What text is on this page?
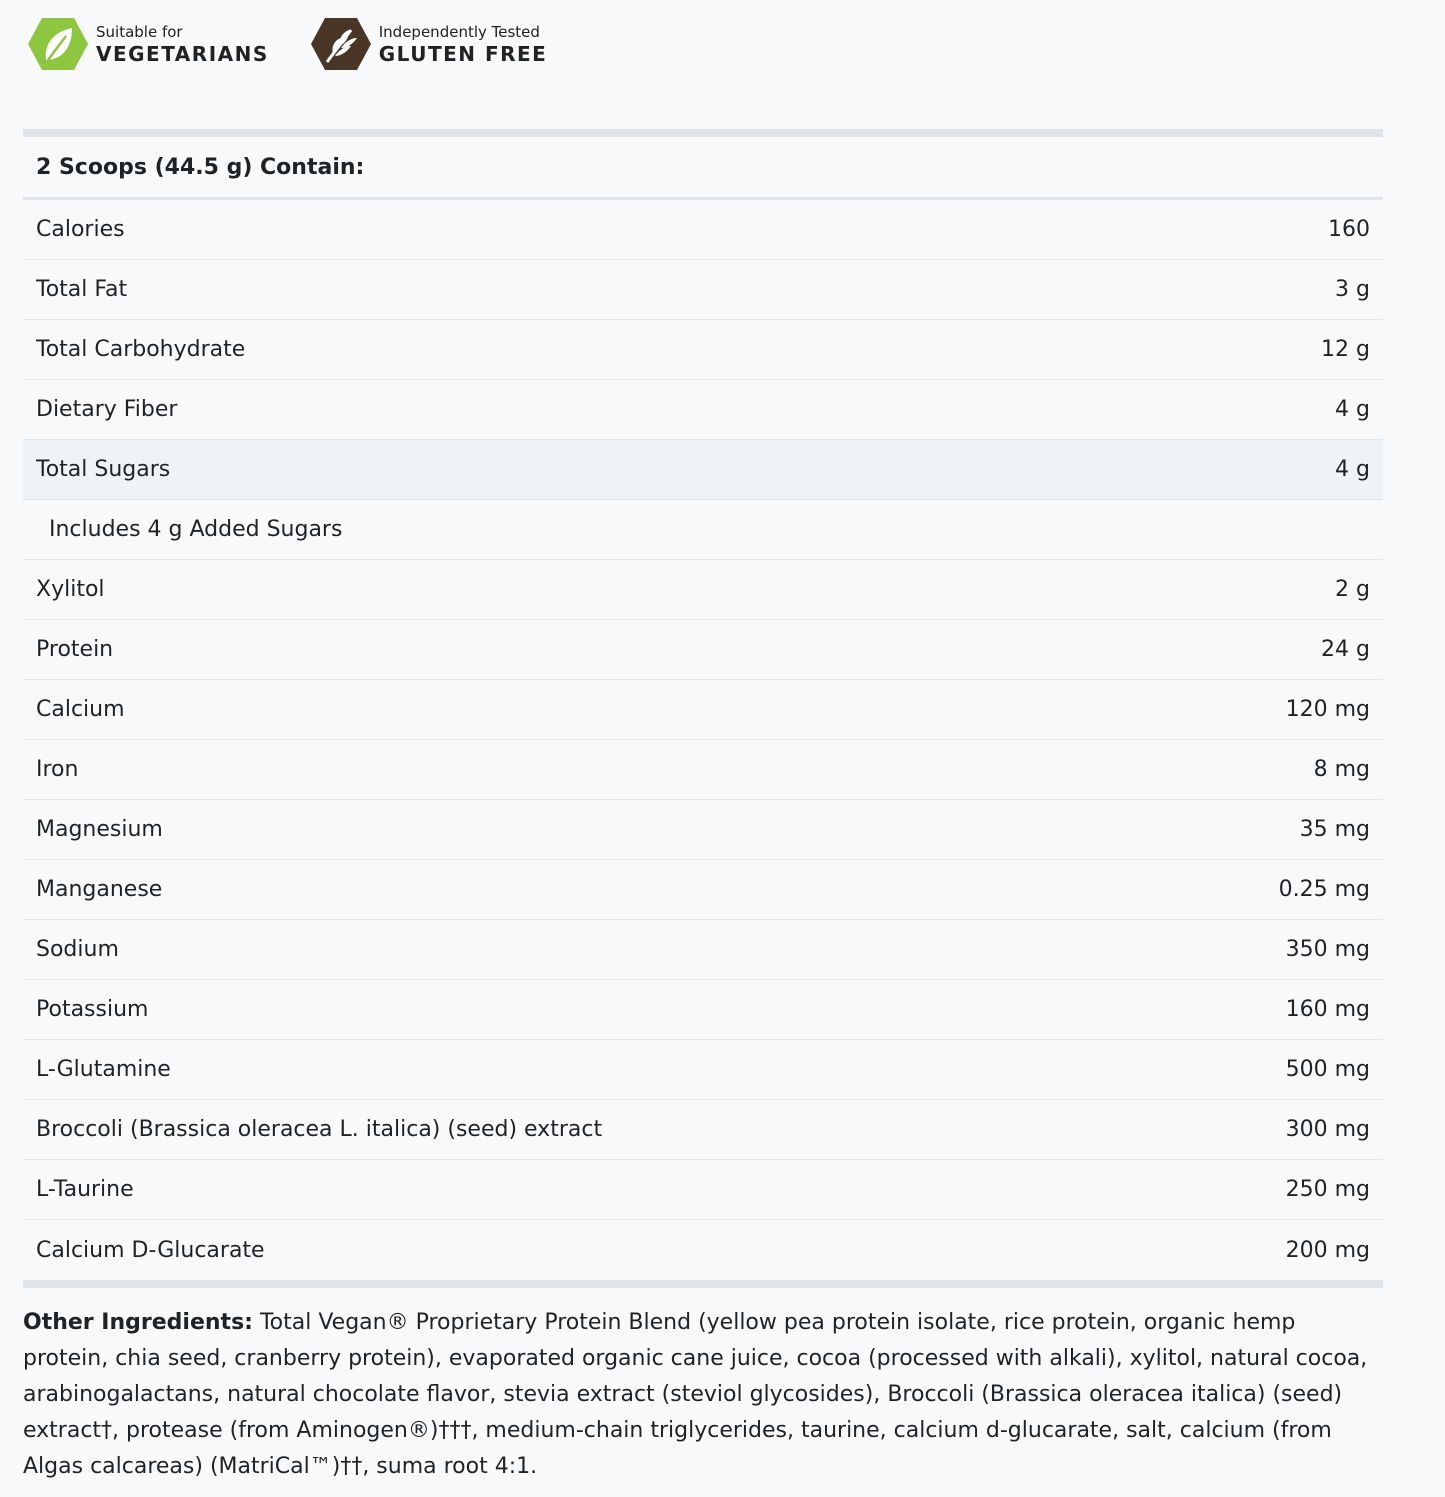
Suitable for
VEGETARIANS
Independently Tested
GLUTEN FREE
2 Scoops (44.5 g) Contain:
Calories	160
Total Fat	3 g
Total Carbohydrate	12 g
Dietary Fiber	4 g
Total Sugars	4 g
Includes 4 g Added Sugars
Xylitol	2 g
Protein	24 g
Calcium	120 mg
Iron	8 mg
Magnesium	35 mg
Manganese	0.25 mg
Sodium	350 mg
Potassium	160 mg
L-Glutamine	500 mg
Broccoli (Brassica oleracea L. italica) (seed) extract	300 mg
L-Taurine	250 mg
Calcium D-Glucarate	200 mg
Other Ingredients: Total Vegan® Proprietary Protein Blend (yellow pea protein isolate, rice protein, organic hemp protein, chia seed, cranberry protein), evaporated organic cane juice, cocoa (processed with alkali), xylitol, natural cocoa, arabinogalactans, natural chocolate flavor, stevia extract (steviol glycosides), Broccoli (Brassica oleracea italica) (seed) extract†, protease (from Aminogen®)†††, medium-chain triglycerides, taurine, calcium d-glucarate, salt, calcium (from Algas calcareas) (MatriCal™)††, suma root 4:1.
